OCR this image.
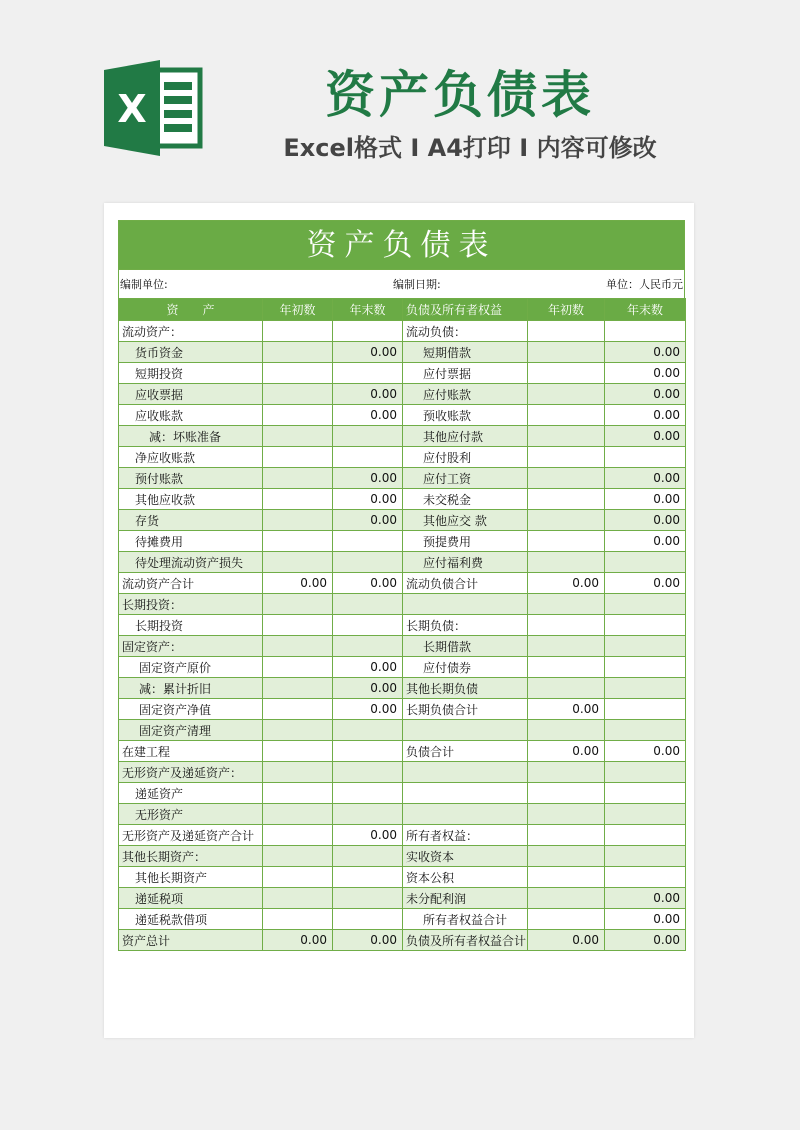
X	资产负债表
Excel格式 Ⅰ A4打印 Ⅰ 内容可修改
资产负债表
编制单位:	编制日期:	单位：人民币元
资　　产	年初数	年末数	负债及所有者权益	年初数	年末数
流动资产：			流动负债：		
货币资金		0.00	短期借款		0.00
短期投资			应付票据		0.00
应收票据		0.00	应付账款		0.00
应收账款		0.00	预收账款		0.00
减：坏账准备			其他应付款		0.00
净应收账款			应付股利		
预付账款		0.00	应付工资		0.00
其他应收款		0.00	未交税金		0.00
存货		0.00	其他应交 款		0.00
待摊费用			预提费用		0.00
待处理流动资产损失			应付福利费		
流动资产合计	0.00	0.00	流动负债合计	0.00	0.00
长期投资：					
长期投资			长期负债：		
固定资产：			长期借款		
固定资产原价		0.00	应付债券		
减：累计折旧		0.00	其他长期负债		
固定资产净值		0.00	长期负债合计	0.00	
固定资产清理					
在建工程			负债合计	0.00	0.00
无形资产及递延资产：					
递延资产					
无形资产					
无形资产及递延资产合计		0.00	所有者权益：		
其他长期资产：			实收资本		
其他长期资产			资本公积		
递延税项			未分配利润		0.00
递延税款借项			所有者权益合计		0.00
资产总计	0.00	0.00	负债及所有者权益合计	0.00	0.00
